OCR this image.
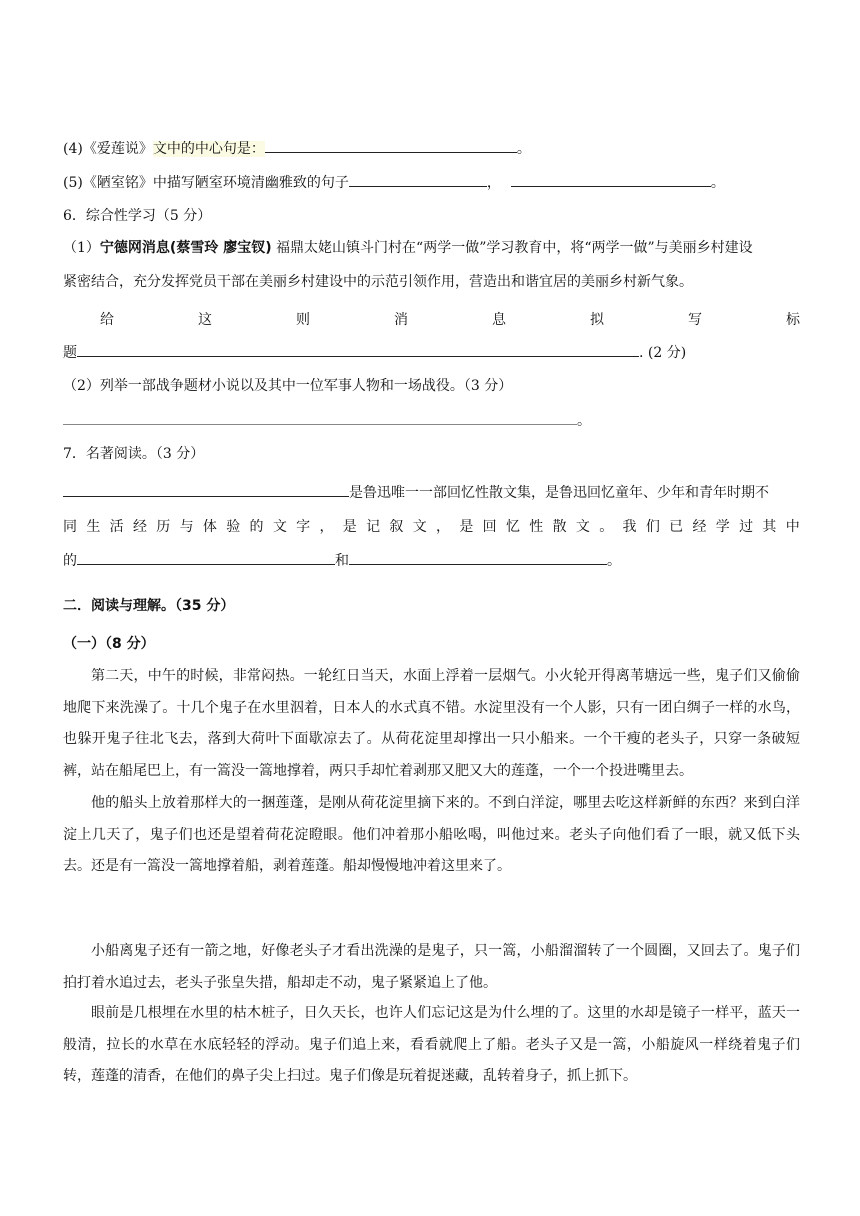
(4)《爱莲说》文中的中心句是：	。
(5)《陋室铭》中描写陋室环境清幽雅致的句子	，	。
6．综合性学习（5 分）
（1）宁德网消息(蔡雪玲 廖宝钗) 福鼎太姥山镇斗门村在“两学一做”学习教育中，将“两学一做”与美丽乡村建设
紧密结合，充分发挥党员干部在美丽乡村建设中的示范引领作用，营造出和谐宜居的美丽乡村新气象。
给	这	则	消	息	拟	写	标
题	. (2 分)
（2）列举一部战争题材小说以及其中一位军事人物和一场战役。（3 分）
。
7．名著阅读。（3 分）
是鲁迅唯一一部回忆性散文集，是鲁迅回忆童年、少年和青年时期不
同 生 活 经 历 与 体 验 的 文 字 ， 是 记 叙 文 ， 是 回 忆 性 散 文 。 我 们 已 经 学 过 其 中
的	和	。
二．阅读与理解。（35 分）
（一）（8 分）
第二天，中午的时候，非常闷热。一轮红日当天，水面上浮着一层烟气。小火轮开得离苇塘远一些，鬼子们又偷偷地爬下来洗澡了。十几个鬼子在水里泅着，日本人的水式真不错。水淀里没有一个人影，只有一团白绸子一样的水鸟，也躲开鬼子往北飞去，落到大荷叶下面歇凉去了。从荷花淀里却撑出一只小船来。一个干瘦的老头子，只穿一条破短裤，站在船尾巴上，有一篙没一篙地撑着，两只手却忙着剥那又肥又大的莲蓬，一个一个投进嘴里去。
他的船头上放着那样大的一捆莲蓬，是刚从荷花淀里摘下来的。不到白洋淀，哪里去吃这样新鲜的东西？来到白洋淀上几天了，鬼子们也还是望着荷花淀瞪眼。他们冲着那小船吆喝，叫他过来。老头子向他们看了一眼，就又低下头去。还是有一篙没一篙地撑着船，剥着莲蓬。船却慢慢地冲着这里来了。
小船离鬼子还有一箭之地，好像老头子才看出洗澡的是鬼子，只一篙，小船溜溜转了一个圆圈，又回去了。鬼子们拍打着水追过去，老头子张皇失措，船却走不动，鬼子紧紧追上了他。
眼前是几根埋在水里的枯木桩子，日久天长，也许人们忘记这是为什么埋的了。这里的水却是镜子一样平，蓝天一般清，拉长的水草在水底轻轻的浮动。鬼子们追上来，看看就爬上了船。老头子又是一篙，小船旋风一样绕着鬼子们转，莲蓬的清香，在他们的鼻子尖上扫过。鬼子们像是玩着捉迷藏，乱转着身子，抓上抓下。
